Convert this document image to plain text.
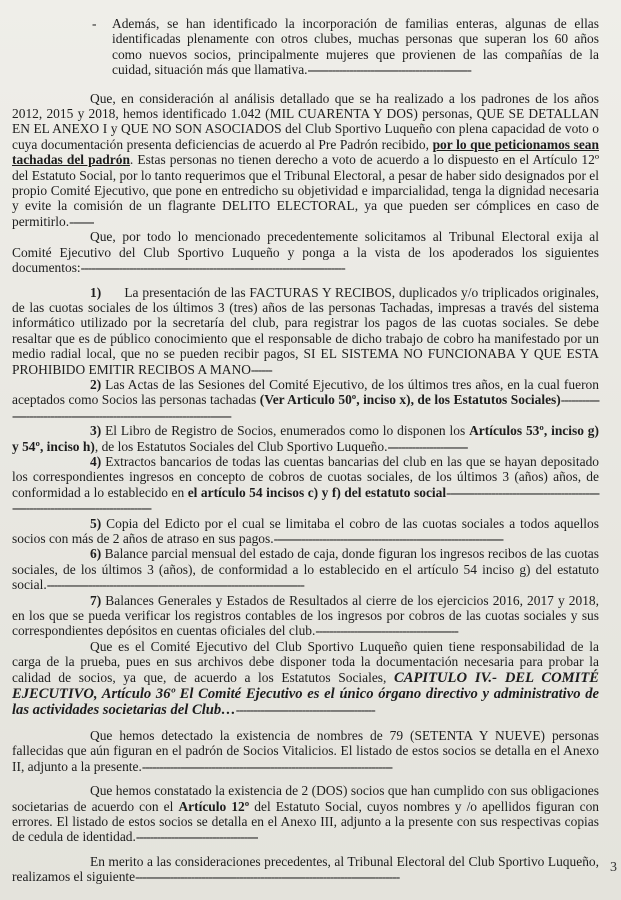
- Además, se han identificado la incorporación de familias enteras, algunas de ellas identificadas plenamente con otros clubes, muchas personas que superan los 60 años como nuevos socios, principalmente mujeres que provienen de las compañías de la cuidad, situación más que llamativa.-----------------------------------------------

Que, en consideración al análisis detallado que se ha realizado a los padrones de los años 2012, 2015 y 2018, hemos identificado 1.042 (MIL CUARENTA Y DOS) personas, QUE SE DETALLAN EN EL ANEXO I y QUE NO SON ASOCIADOS del Club Sportivo Luqueño con plena capacidad de voto o cuya documentación presenta deficiencias de acuerdo al Pre Padrón recibido, por lo que peticionamos sean tachadas del padrón. Estas personas no tienen derecho a voto de acuerdo a lo dispuesto en el Artículo 12º del Estatuto Social, por lo tanto requerimos que el Tribunal Electoral, a pesar de haber sido designados por el propio Comité Ejecutivo, que pone en entredicho su objetividad e imparcialidad, tenga la dignidad necesaria y evite la comisión de un flagrante DELITO ELECTORAL, ya que pueden ser cómplices en caso de permitirlo.-------

Que, por todo lo mencionado precedentemente solicitamos al Tribunal Electoral exija al Comité Ejecutivo del Club Sportivo Luqueño y ponga a la vista de los apoderados los siguientes documentos:----------------------------------------------------------------------------

1) La presentación de las FACTURAS Y RECIBOS, duplicados y/o triplicados originales, de las cuotas sociales de los últimos 3 (tres) años de las personas Tachadas, impresas a través del sistema informático utilizado por la secretaría del club, para registrar los pagos de las cuotas sociales. Se debe resaltar que es de público conocimiento que el responsable de dicho trabajo de cobro ha manifestado por un medio radial local, que no se pueden recibir pagos, SI EL SISTEMA NO FUNCIONABA Y QUE ESTA PROHIBIDO EMITIR RECIBOS A MANO------

2) Las Actas de las Sesiones del Comité Ejecutivo, de los últimos tres años, en la cual fueron aceptados como Socios las personas tachadas (Ver Articulo 50º, inciso x), de los Estatutos Sociales)--------------------------------------------------------------------------

3) El Libro de Registro de Socios, enumerados como lo disponen los Artículos 53º, inciso g) y 54º, inciso h), de los Estatutos Sociales del Club Sportivo Luqueño.-----------------------

4) Extractos bancarios de todas las cuentas bancarias del club en las que se hayan depositado los correspondientes ingresos en concepto de cobros de cuotas sociales, de los últimos 3 (años) años, de conformidad a lo establecido en el artículo 54 incisos c) y f) del estatuto social------------------------------------------------------------------------------------

5) Copia del Edicto por el cual se limitaba el cobro de las cuotas sociales a todos aquellos socios con más de 2 años de atraso en sus pagos.------------------------------------------------------------------

6) Balance parcial mensual del estado de caja, donde figuran los ingresos recibos de las cuotas sociales, de los últimos 3 (años), de conformidad a lo establecido en el artículo 54 inciso g) del estatuto social.--------------------------------------------------------------------------

7) Balances Generales y Estados de Resultados al cierre de los ejercicios 2016, 2017 y 2018, en los que se pueda verificar los registros contables de los ingresos por cobros de las cuotas sociales y sus correspondientes depósitos en cuentas oficiales del club.-----------------------------------------

Que es el Comité Ejecutivo del Club Sportivo Luqueño quien tiene responsabilidad de la carga de la prueba, pues en sus archivos debe disponer toda la documentación necesaria para probar la calidad de socios, ya que, de acuerdo a los Estatutos Sociales, CAPITULO IV.- DEL COMITÉ EJECUTIVO, Artículo 36º El Comité Ejecutivo es el único órgano directivo y administrativo de las actividades societarias del Club…----------------------------------------

Que hemos detectado la existencia de nombres de 79 (SETENTA Y NUEVE) personas fallecidas que aún figuran en el padrón de Socios Vitalicios. El listado de estos socios se detalla en el Anexo II, adjunto a la presente.------------------------------------------------------------------------

Que hemos constatado la existencia de 2 (DOS) socios que han cumplido con sus obligaciones societarias de acuerdo con el Artículo 12º del Estatuto Social, cuyos nombres y /o apellidos figuran con errores. El listado de estos socios se detalla en el Anexo III, adjunto a la presente con sus respectivas copias de cedula de identidad.-----------------------------------

En merito a las consideraciones precedentes, al Tribunal Electoral del Club Sportivo Luqueño, realizamos el siguiente----------------------------------------------------------------------------

3
